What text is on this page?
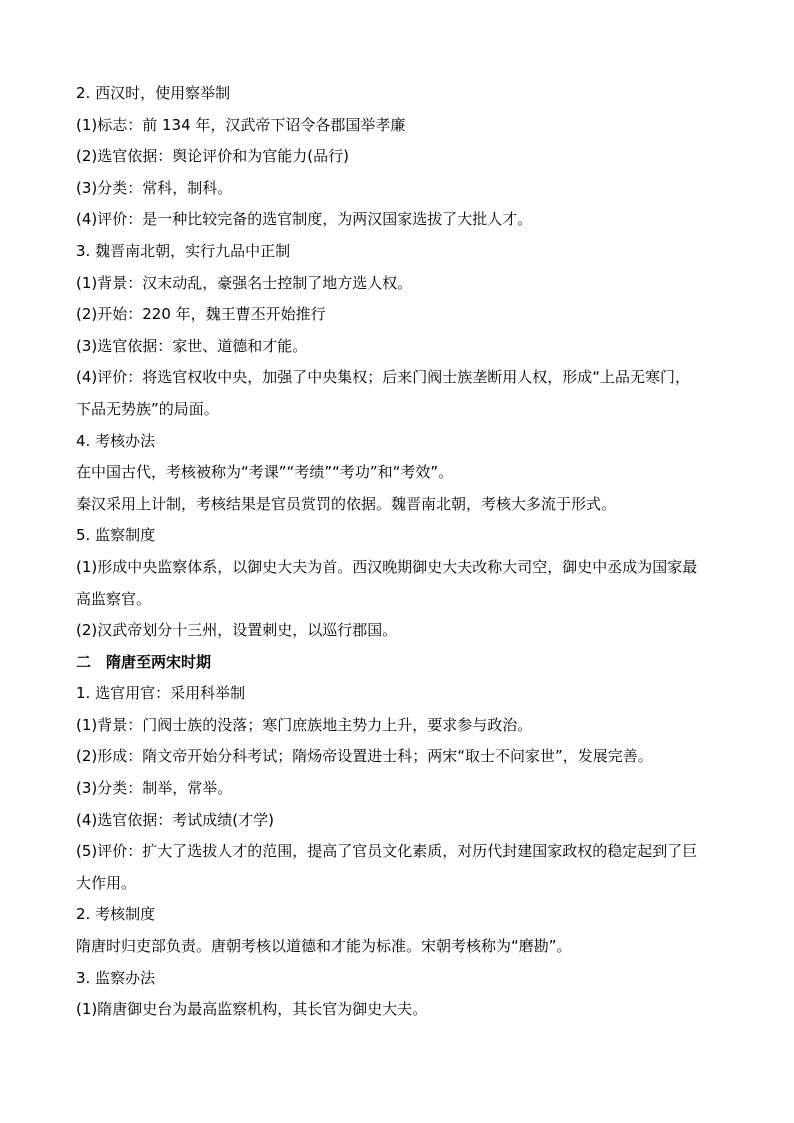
2. 西汉时，使用察举制
(1)标志：前 134 年，汉武帝下诏令各郡国举孝廉
(2)选官依据：舆论评价和为官能力(品行)
(3)分类：常科，制科。
(4)评价：是一种比较完备的选官制度，为两汉国家选拔了大批人才。
3. 魏晋南北朝，实行九品中正制
(1)背景：汉末动乱，豪强名士控制了地方选人权。
(2)开始：220 年，魏王曹丕开始推行
(3)选官依据：家世、道德和才能。
(4)评价：将选官权收中央，加强了中央集权；后来门阀士族垄断用人权，形成“上品无寒门，
下品无势族”的局面。
4. 考核办法
在中国古代，考核被称为“考课”“考绩”“考功”和“考效”。
秦汉采用上计制，考核结果是官员赏罚的依据。魏晋南北朝，考核大多流于形式。
5. 监察制度
(1)形成中央监察体系，以御史大夫为首。西汉晚期御史大夫改称大司空，御史中丞成为国家最
高监察官。
(2)汉武帝划分十三州，设置刺史，以巡行郡国。
二　隋唐至两宋时期
1. 选官用官：采用科举制
(1)背景：门阀士族的没落；寒门庶族地主势力上升，要求参与政治。
(2)形成：隋文帝开始分科考试；隋炀帝设置进士科；两宋“取士不问家世”，发展完善。
(3)分类：制举，常举。
(4)选官依据：考试成绩(才学)
(5)评价：扩大了选拔人才的范围，提高了官员文化素质，对历代封建国家政权的稳定起到了巨
大作用。
2. 考核制度
隋唐时归吏部负责。唐朝考核以道德和才能为标准。宋朝考核称为“磨勘”。
3. 监察办法
(1)隋唐御史台为最高监察机构，其长官为御史大夫。
